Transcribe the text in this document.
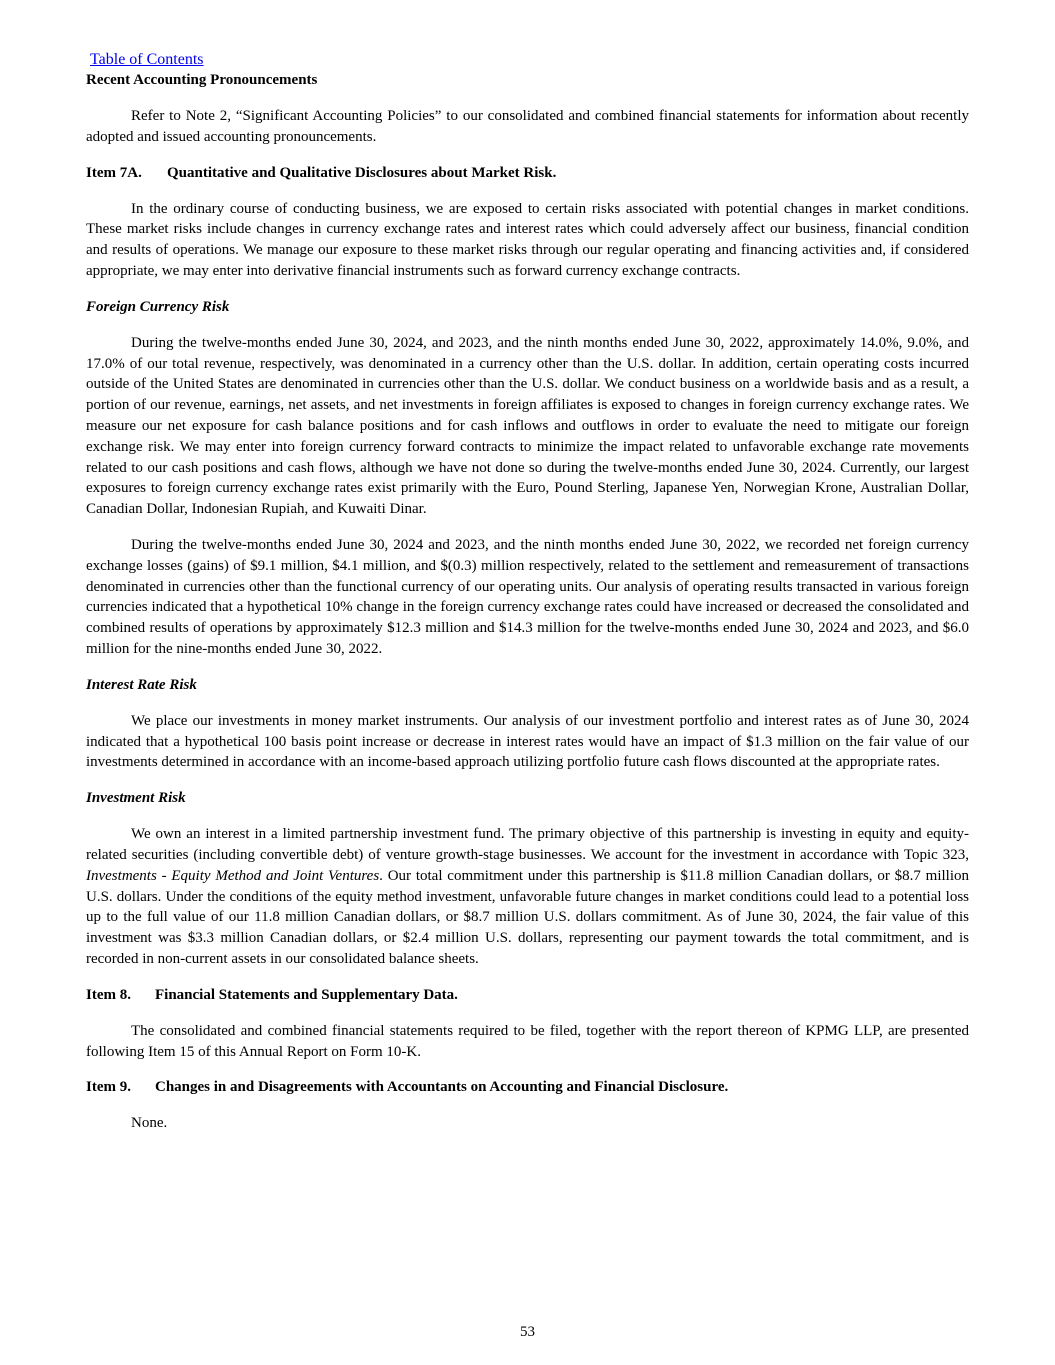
Table of Contents
Recent Accounting Pronouncements

Refer to Note 2, “Significant Accounting Policies” to our consolidated and combined financial statements for information about recently adopted and issued accounting pronouncements.

Item 7A. Quantitative and Qualitative Disclosures about Market Risk.

In the ordinary course of conducting business, we are exposed to certain risks associated with potential changes in market conditions. These market risks include changes in currency exchange rates and interest rates which could adversely affect our business, financial condition and results of operations. We manage our exposure to these market risks through our regular operating and financing activities and, if considered appropriate, we may enter into derivative financial instruments such as forward currency exchange contracts.

Foreign Currency Risk

During the twelve-months ended June 30, 2024, and 2023, and the ninth months ended June 30, 2022, approximately 14.0%, 9.0%, and 17.0% of our total revenue, respectively, was denominated in a currency other than the U.S. dollar. In addition, certain operating costs incurred outside of the United States are denominated in currencies other than the U.S. dollar. We conduct business on a worldwide basis and as a result, a portion of our revenue, earnings, net assets, and net investments in foreign affiliates is exposed to changes in foreign currency exchange rates. We measure our net exposure for cash balance positions and for cash inflows and outflows in order to evaluate the need to mitigate our foreign exchange risk. We may enter into foreign currency forward contracts to minimize the impact related to unfavorable exchange rate movements related to our cash positions and cash flows, although we have not done so during the twelve-months ended June 30, 2024. Currently, our largest exposures to foreign currency exchange rates exist primarily with the Euro, Pound Sterling, Japanese Yen, Norwegian Krone, Australian Dollar, Canadian Dollar, Indonesian Rupiah, and Kuwaiti Dinar.

During the twelve-months ended June 30, 2024 and 2023, and the ninth months ended June 30, 2022, we recorded net foreign currency exchange losses (gains) of $9.1 million, $4.1 million, and $(0.3) million respectively, related to the settlement and remeasurement of transactions denominated in currencies other than the functional currency of our operating units. Our analysis of operating results transacted in various foreign currencies indicated that a hypothetical 10% change in the foreign currency exchange rates could have increased or decreased the consolidated and combined results of operations by approximately $12.3 million and $14.3 million for the twelve-months ended June 30, 2024 and 2023, and $6.0 million for the nine-months ended June 30, 2022.

Interest Rate Risk

We place our investments in money market instruments. Our analysis of our investment portfolio and interest rates as of June 30, 2024 indicated that a hypothetical 100 basis point increase or decrease in interest rates would have an impact of $1.3 million on the fair value of our investments determined in accordance with an income-based approach utilizing portfolio future cash flows discounted at the appropriate rates.

Investment Risk

We own an interest in a limited partnership investment fund. The primary objective of this partnership is investing in equity and equity-related securities (including convertible debt) of venture growth-stage businesses. We account for the investment in accordance with Topic 323, Investments - Equity Method and Joint Ventures. Our total commitment under this partnership is $11.8 million Canadian dollars, or $8.7 million U.S. dollars. Under the conditions of the equity method investment, unfavorable future changes in market conditions could lead to a potential loss up to the full value of our 11.8 million Canadian dollars, or $8.7 million U.S. dollars commitment. As of June 30, 2024, the fair value of this investment was $3.3 million Canadian dollars, or $2.4 million U.S. dollars, representing our payment towards the total commitment, and is recorded in non-current assets in our consolidated balance sheets.

Item 8. Financial Statements and Supplementary Data.

The consolidated and combined financial statements required to be filed, together with the report thereon of KPMG LLP, are presented following Item 15 of this Annual Report on Form 10-K.

Item 9. Changes in and Disagreements with Accountants on Accounting and Financial Disclosure.

None.

53
